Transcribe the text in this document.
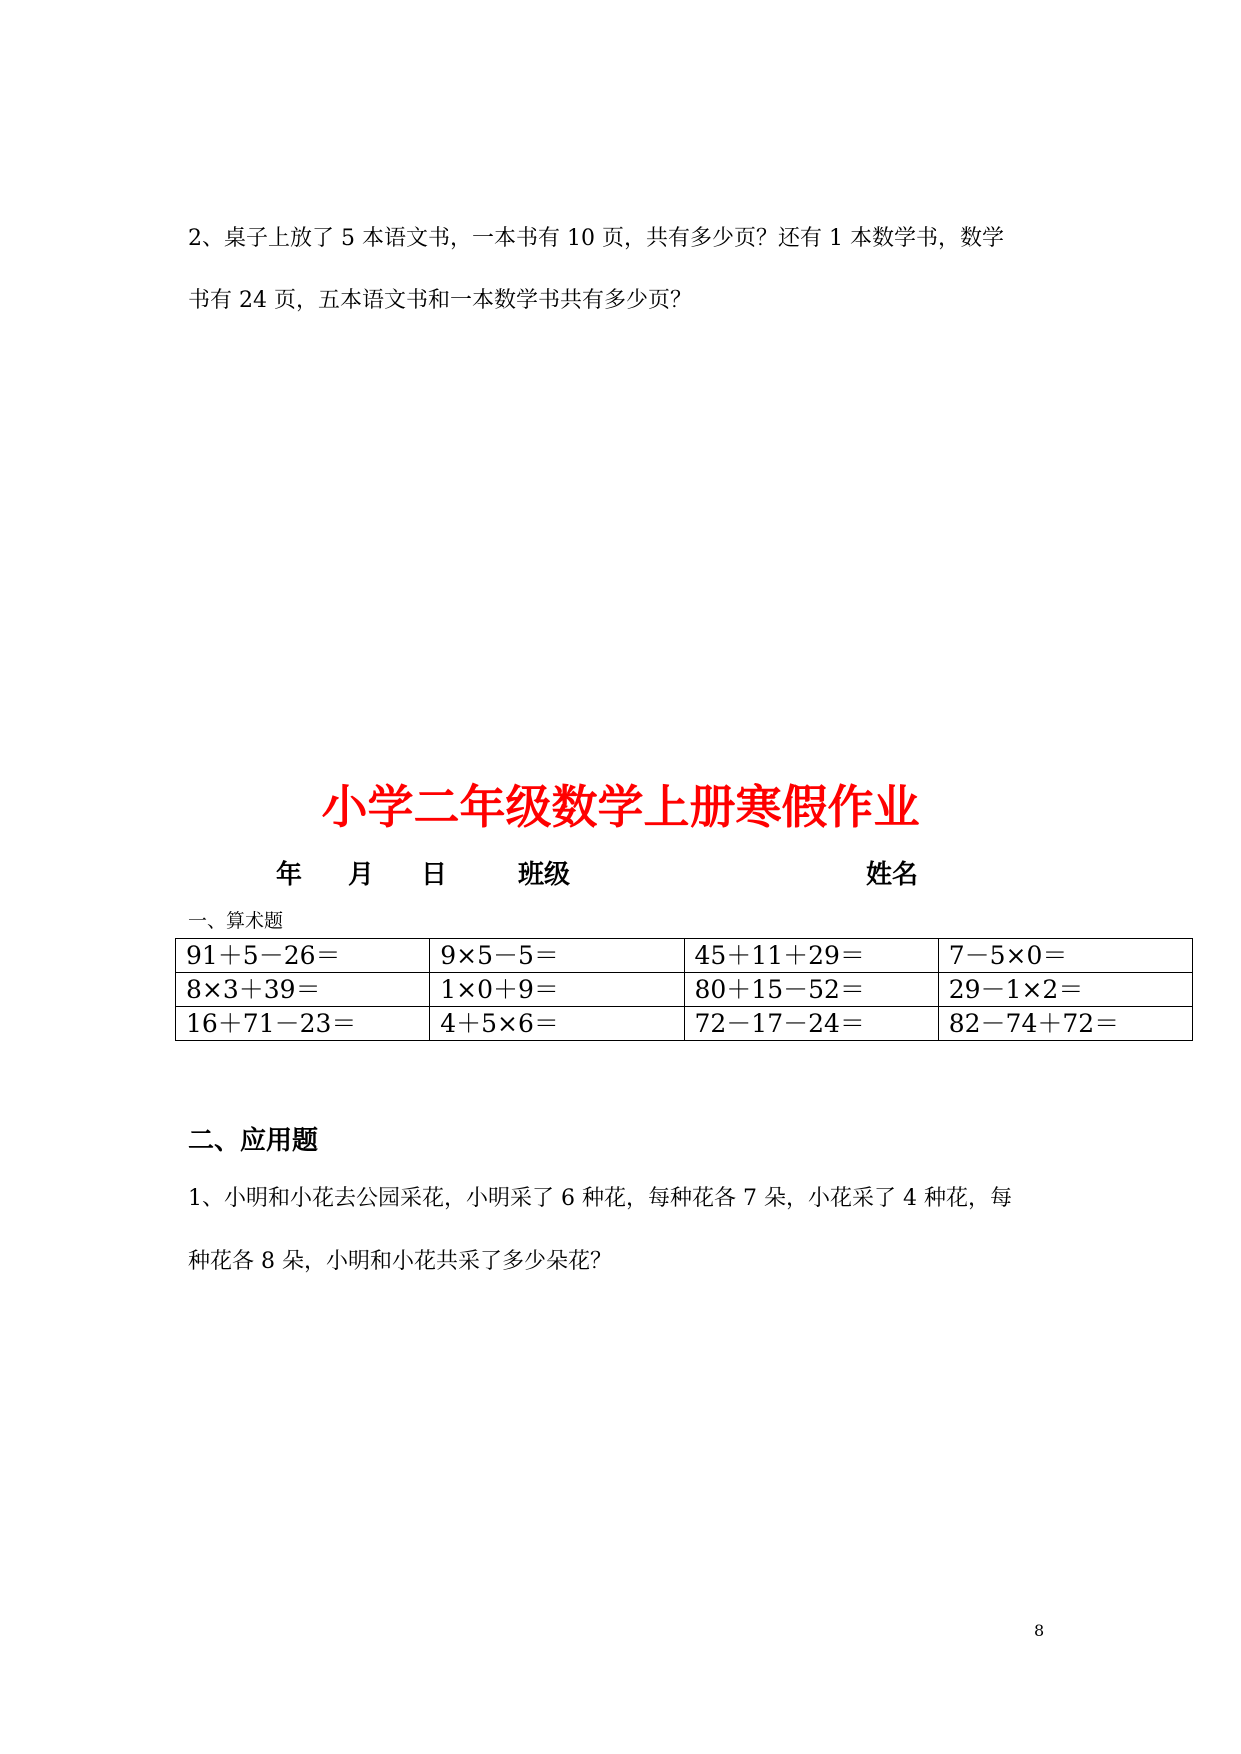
2、桌子上放了 5 本语文书，一本书有 10 页，共有多少页？还有 1 本数学书，数学
书有 24 页，五本语文书和一本数学书共有多少页？
小学二年级数学上册寒假作业
年 月 日	班级	姓名
一、算术题
91＋5－26＝	9×5－5＝	45＋11＋29＝	7－5×0＝
8×3＋39＝	1×0＋9＝	80＋15－52＝	29－1×2＝
16＋71－23＝	4＋5×6＝	72－17－24＝	82－74＋72＝
二、应用题
1、小明和小花去公园采花，小明采了 6 种花，每种花各 7 朵，小花采了 4 种花，每
种花各 8 朵，小明和小花共采了多少朵花？
8
